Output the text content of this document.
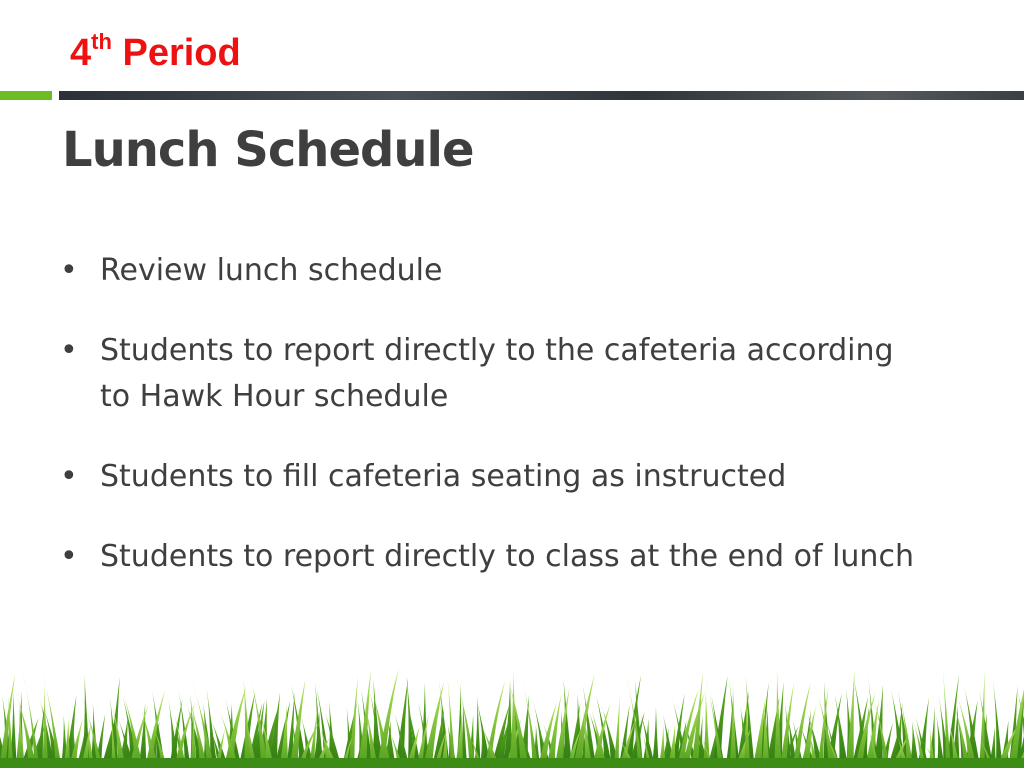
4th Period
Lunch Schedule
• Review lunch schedule
• Students to report directly to the cafeteria according to Hawk Hour schedule
• Students to fill cafeteria seating as instructed
• Students to report directly to class at the end of lunch
